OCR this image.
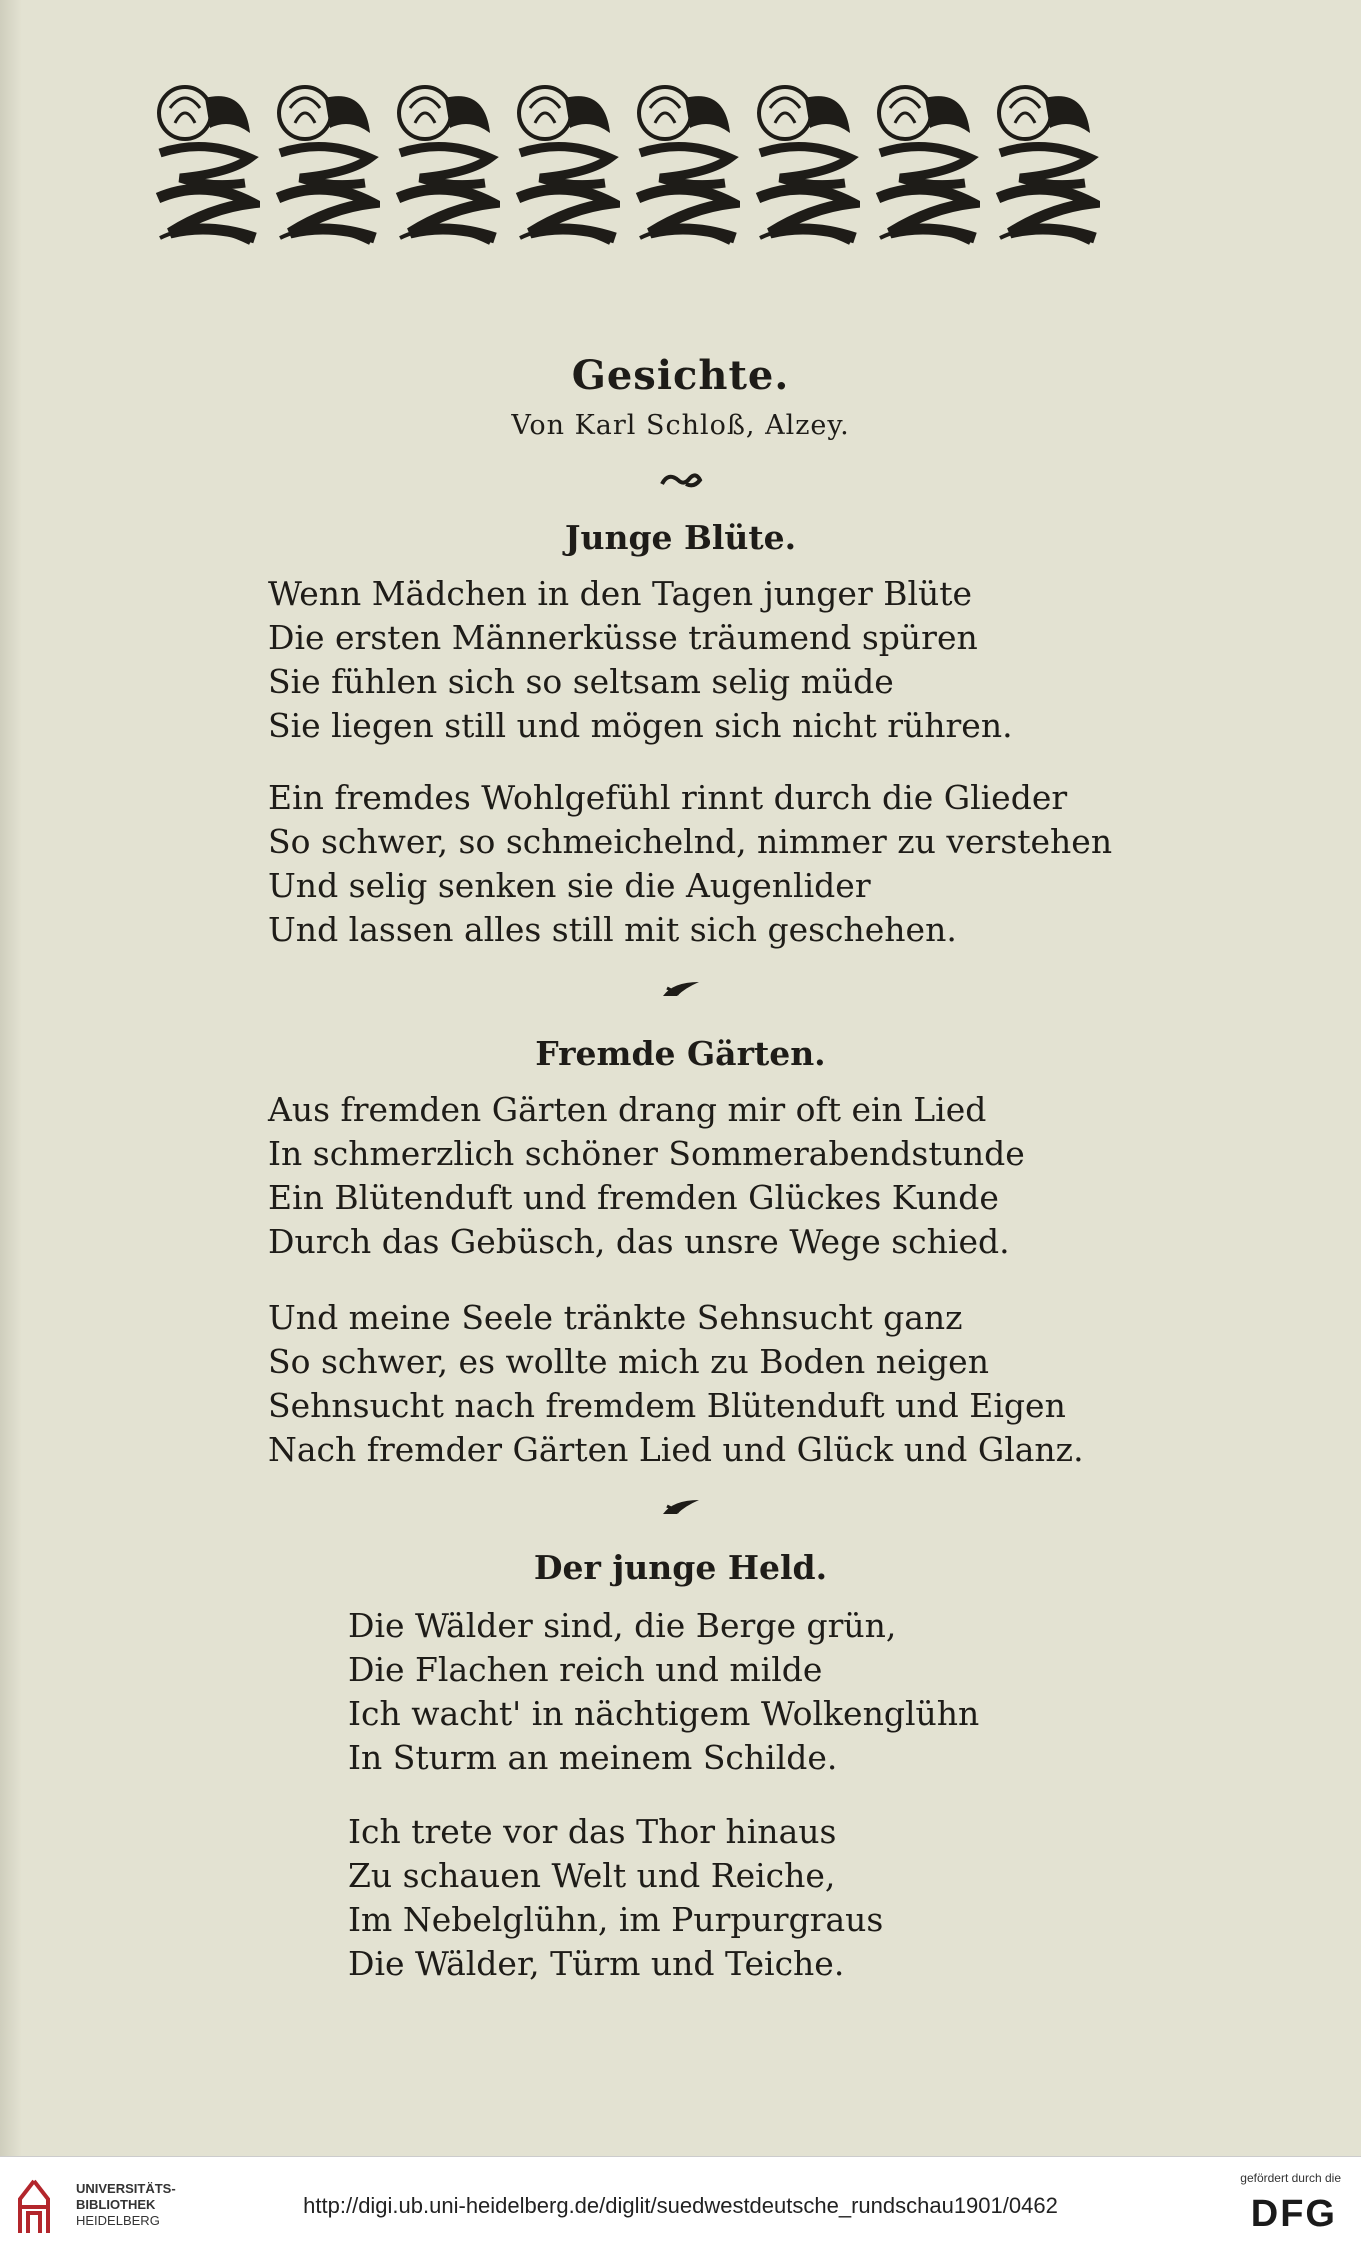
Gesichte.
Von Karl Schloß, Alzey.
Junge Blüte.
Wenn Mädchen in den Tagen junger Blüte
Die ersten Männerküsse träumend spüren
Sie fühlen sich so seltsam selig müde
Sie liegen still und mögen sich nicht rühren.
Ein fremdes Wohlgefühl rinnt durch die Glieder
So schwer, so schmeichelnd, nimmer zu verstehen
Und selig senken sie die Augenlider
Und lassen alles still mit sich geschehen.
Fremde Gärten.
Aus fremden Gärten drang mir oft ein Lied
In schmerzlich schöner Sommerabendstunde
Ein Blütenduft und fremden Glückes Kunde
Durch das Gebüsch, das unsre Wege schied.
Und meine Seele tränkte Sehnsucht ganz
So schwer, es wollte mich zu Boden neigen
Sehnsucht nach fremdem Blütenduft und Eigen
Nach fremder Gärten Lied und Glück und Glanz.
Der junge Held.
Die Wälder sind, die Berge grün,
Die Flachen reich und milde
Ich wacht' in nächtigem Wolkenglühn
In Sturm an meinem Schilde.
Ich trete vor das Thor hinaus
Zu schauen Welt und Reiche,
Im Nebelglühn, im Purpurgraus
Die Wälder, Türm und Teiche.
UNIVERSITÄTS-
BIBLIOTHEK
HEIDELBERG
http://digi.ub.uni-heidelberg.de/diglit/suedwestdeutsche_rundschau1901/0462
gefördert durch die
DFG
